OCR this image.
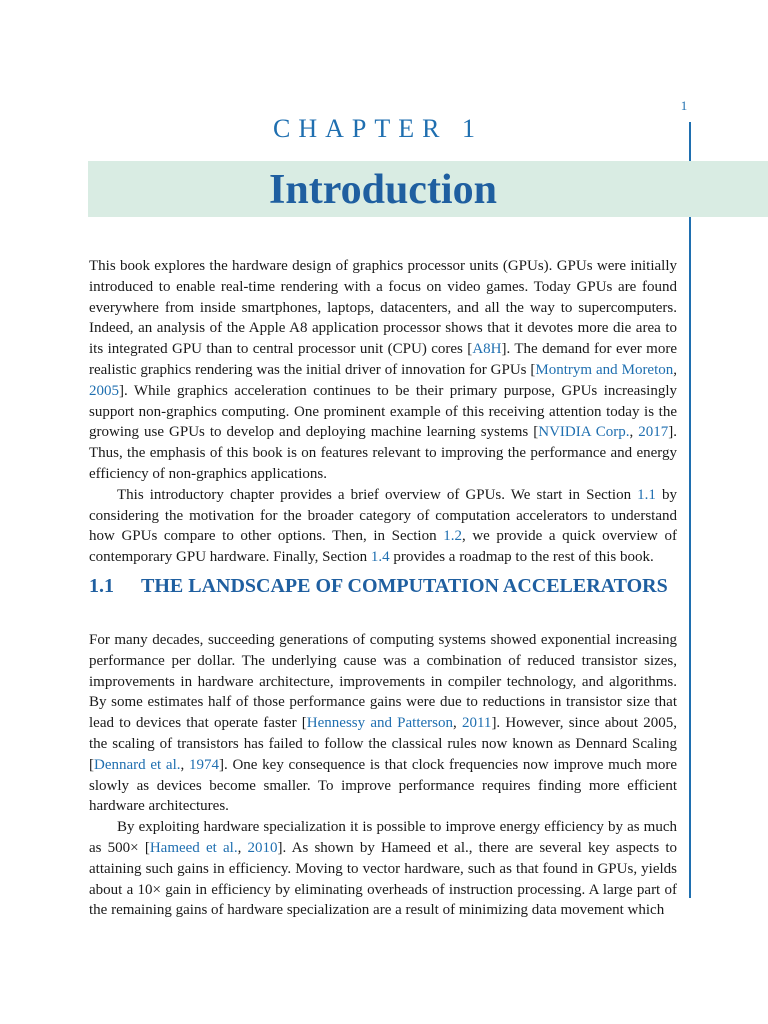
1
CHAPTER 1
Introduction

This book explores the hardware design of graphics processor units (GPUs). GPUs were initially introduced to enable real-time rendering with a focus on video games. Today GPUs are found everywhere from inside smartphones, laptops, datacenters, and all the way to supercomputers. Indeed, an analysis of the Apple A8 application processor shows that it devotes more die area to its integrated GPU than to central processor unit (CPU) cores [A8H]. The demand for ever more realistic graphics rendering was the initial driver of innovation for GPUs [Montrym and Moreton, 2005]. While graphics acceleration continues to be their primary purpose, GPUs increasingly support non-graphics computing. One prominent example of this receiving attention today is the growing use GPUs to develop and deploying machine learning systems [NVIDIA Corp., 2017]. Thus, the emphasis of this book is on features relevant to improving the performance and energy efficiency of non-graphics applications.

This introductory chapter provides a brief overview of GPUs. We start in Section 1.1 by considering the motivation for the broader category of computation accelerators to understand how GPUs compare to other options. Then, in Section 1.2, we provide a quick overview of contemporary GPU hardware. Finally, Section 1.4 provides a roadmap to the rest of this book.

1.1	THE LANDSCAPE OF COMPUTATION ACCELERATORS

For many decades, succeeding generations of computing systems showed exponential increasing performance per dollar. The underlying cause was a combination of reduced transistor sizes, improvements in hardware architecture, improvements in compiler technology, and algorithms. By some estimates half of those performance gains were due to reductions in transistor size that lead to devices that operate faster [Hennessy and Patterson, 2011]. However, since about 2005, the scaling of transistors has failed to follow the classical rules now known as Dennard Scaling [Dennard et al., 1974]. One key consequence is that clock frequencies now improve much more slowly as devices become smaller. To improve performance requires finding more efficient hardware architectures.

By exploiting hardware specialization it is possible to improve energy efficiency by as much as 500× [Hameed et al., 2010]. As shown by Hameed et al., there are several key aspects to attaining such gains in efficiency. Moving to vector hardware, such as that found in GPUs, yields about a 10× gain in efficiency by eliminating overheads of instruction processing. A large part of the remaining gains of hardware specialization are a result of minimizing data movement which
